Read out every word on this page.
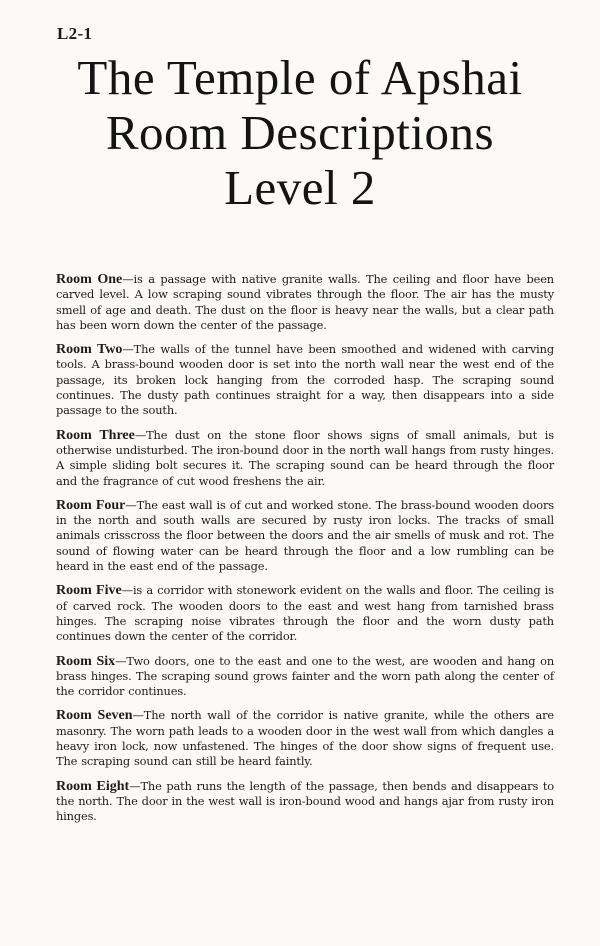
L2-1
The Temple of Apshai
Room Descriptions
Level 2

Room One—is a passage with native granite walls. The ceiling and floor have been carved level. A low scraping sound vibrates through the floor. The air has the musty smell of age and death. The dust on the floor is heavy near the walls, but a clear path has been worn down the center of the passage.

Room Two—The walls of the tunnel have been smoothed and widened with carving tools. A brass-bound wooden door is set into the north wall near the west end of the passage, its broken lock hanging from the corroded hasp. The scraping sound continues. The dusty path continues straight for a way, then disappears into a side passage to the south.

Room Three—The dust on the stone floor shows signs of small animals, but is otherwise undisturbed. The iron-bound door in the north wall hangs from rusty hinges. A simple sliding bolt secures it. The scraping sound can be heard through the floor and the fragrance of cut wood freshens the air.

Room Four—The east wall is of cut and worked stone. The brass-bound wooden doors in the north and south walls are secured by rusty iron locks. The tracks of small animals crisscross the floor between the doors and the air smells of musk and rot. The sound of flowing water can be heard through the floor and a low rumbling can be heard in the east end of the passage.

Room Five—is a corridor with stonework evident on the walls and floor. The ceiling is of carved rock. The wooden doors to the east and west hang from tarnished brass hinges. The scraping noise vibrates through the floor and the worn dusty path continues down the center of the corridor.

Room Six—Two doors, one to the east and one to the west, are wooden and hang on brass hinges. The scraping sound grows fainter and the worn path along the center of the corridor continues.

Room Seven—The north wall of the corridor is native granite, while the others are masonry. The worn path leads to a wooden door in the west wall from which dangles a heavy iron lock, now unfastened. The hinges of the door show signs of frequent use. The scraping sound can still be heard faintly.

Room Eight—The path runs the length of the passage, then bends and disappears to the north. The door in the west wall is iron-bound wood and hangs ajar from rusty iron hinges.
